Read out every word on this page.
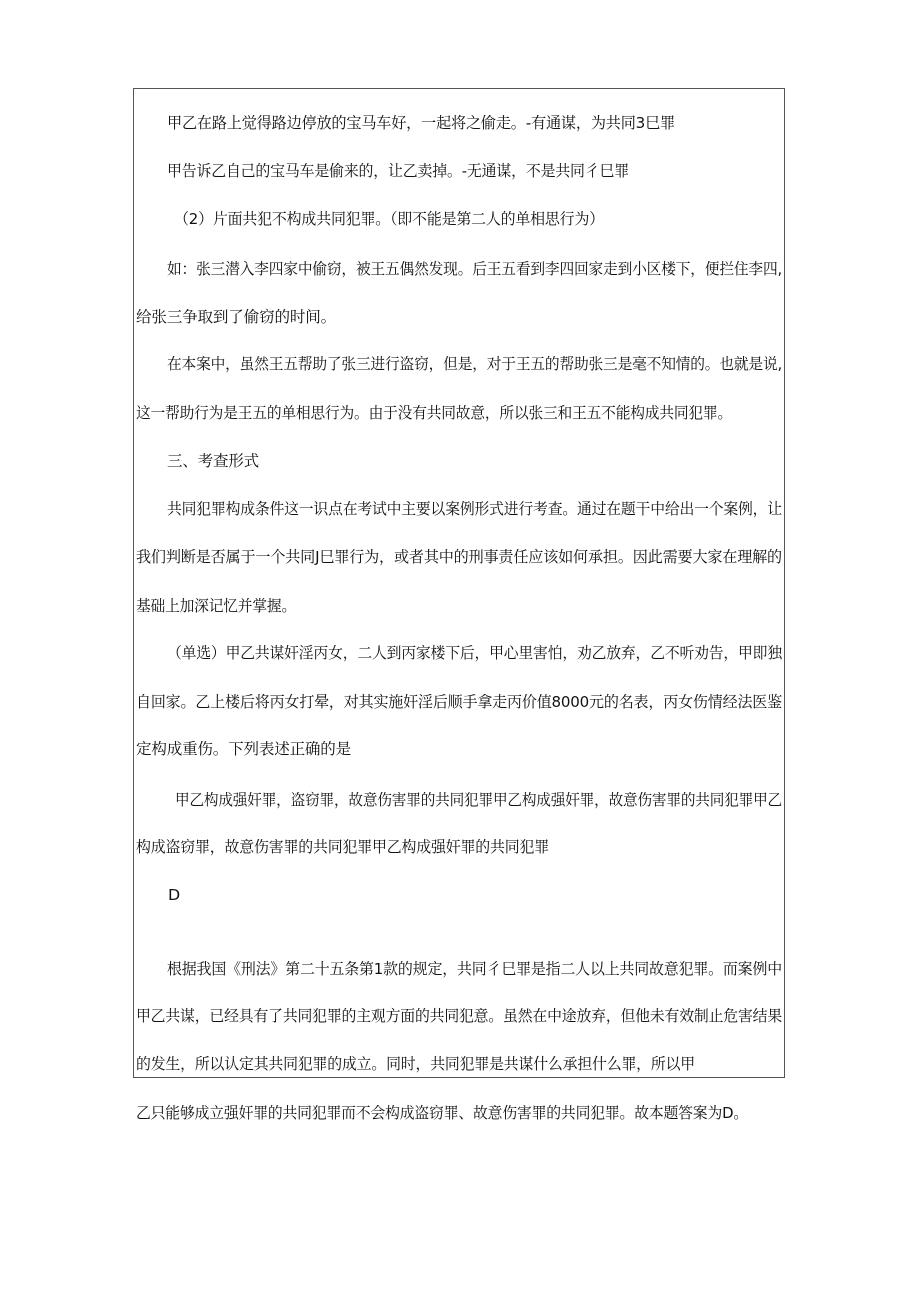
甲乙在路上觉得路边停放的宝马车好，一起将之偷走。-有通谋，为共同3巳罪
甲告诉乙自己的宝马车是偷来的，让乙卖掉。-无通谋，不是共同彳巳罪
（2）片面共犯不构成共同犯罪。（即不能是第二人的单相思行为）
如：张三潜入李四家中偷窃，被王五偶然发现。后王五看到李四回家走到小区楼下，便拦住李四,
给张三争取到了偷窃的时间。
在本案中，虽然王五帮助了张三进行盗窃，但是，对于王五的帮助张三是毫不知情的。也就是说,
这一帮助行为是王五的单相思行为。由于没有共同故意，所以张三和王五不能构成共同犯罪。
三、考查形式
共同犯罪构成条件这一识点在考试中主要以案例形式进行考查。通过在题干中给出一个案例，让
我们判断是否属于一个共同J巳罪行为，或者其中的刑事责任应该如何承担。因此需要大家在理解的
基础上加深记忆并掌握。
（单选）甲乙共谋奸淫丙女，二人到丙家楼下后，甲心里害怕，劝乙放弃，乙不听劝告，甲即独
自回家。乙上楼后将丙女打晕，对其实施奸淫后顺手拿走丙价值8000元的名表，丙女伤情经法医鉴
定构成重伤。下列表述正确的是
甲乙构成强奸罪，盗窃罪，故意伤害罪的共同犯罪甲乙构成强奸罪，故意伤害罪的共同犯罪甲乙
构成盗窃罪，故意伤害罪的共同犯罪甲乙构成强奸罪的共同犯罪
D
根据我国《刑法》第二十五条第1款的规定，共同彳巳罪是指二人以上共同故意犯罪。而案例中
甲乙共谋，已经具有了共同犯罪的主观方面的共同犯意。虽然在中途放弃，但他未有效制止危害结果
的发生，所以认定其共同犯罪的成立。同时，共同犯罪是共谋什么承担什么罪，所以甲
乙只能够成立强奸罪的共同犯罪而不会构成盗窃罪、故意伤害罪的共同犯罪。故本题答案为D。
